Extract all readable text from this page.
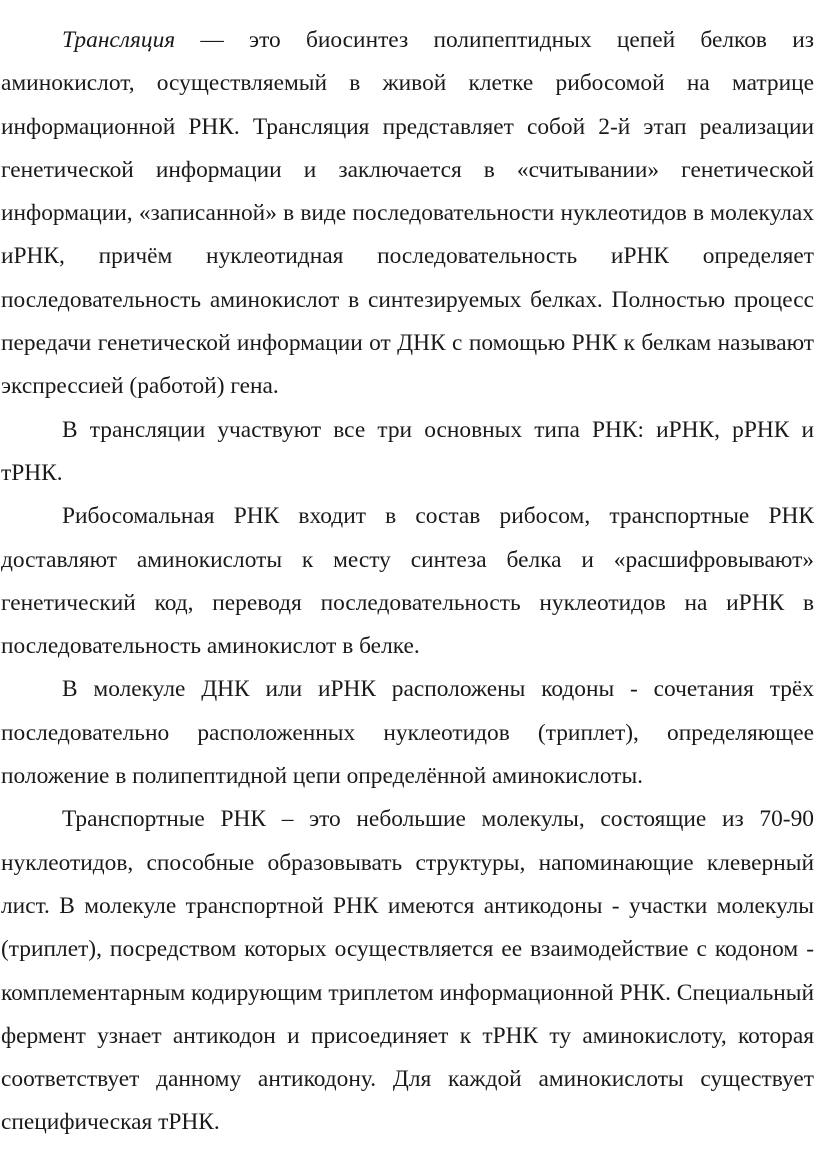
Трансляция — это биосинтез полипептидных цепей белков из аминокислот, осуществляемый в живой клетке рибосомой на матрице информационной РНК. Трансляция представляет собой 2-й этап реализации генетической информации и заключается в «считывании» генетической информации, «записанной» в виде последовательности нуклеотидов в молекулах иРНК, причём нуклеотидная последовательность иРНК определяет последовательность аминокислот в синтезируемых белках. Полностью процесс передачи генетической информации от ДНК с помощью РНК к белкам называют экспрессией (работой) гена.

В трансляции участвуют все три основных типа РНК: иРНК, рРНК и тРНК.

Рибосомальная РНК входит в состав рибосом, транспортные РНК доставляют аминокислоты к месту синтеза белка и «расшифровывают» генетический код, переводя последовательность нуклеотидов на иРНК в последовательность аминокислот в белке.

В молекуле ДНК или иРНК расположены кодоны - сочетания трёх последовательно расположенных нуклеотидов (триплет), определяющее положение в полипептидной цепи определённой аминокислоты.

Транспортные РНК – это небольшие молекулы, состоящие из 70-90 нуклеотидов, способные образовывать структуры, напоминающие клеверный лист. В молекуле транспортной РНК имеются антикодоны - участки молекулы (триплет), посредством которых осуществляется ее взаимодействие с кодоном - комплементарным кодирующим триплетом информационной РНК. Специальный фермент узнает антикодон и присоединяет к тРНК ту аминокислоту, которая соответствует данному антикодону. Для каждой аминокислоты существует специфическая тРНК.
